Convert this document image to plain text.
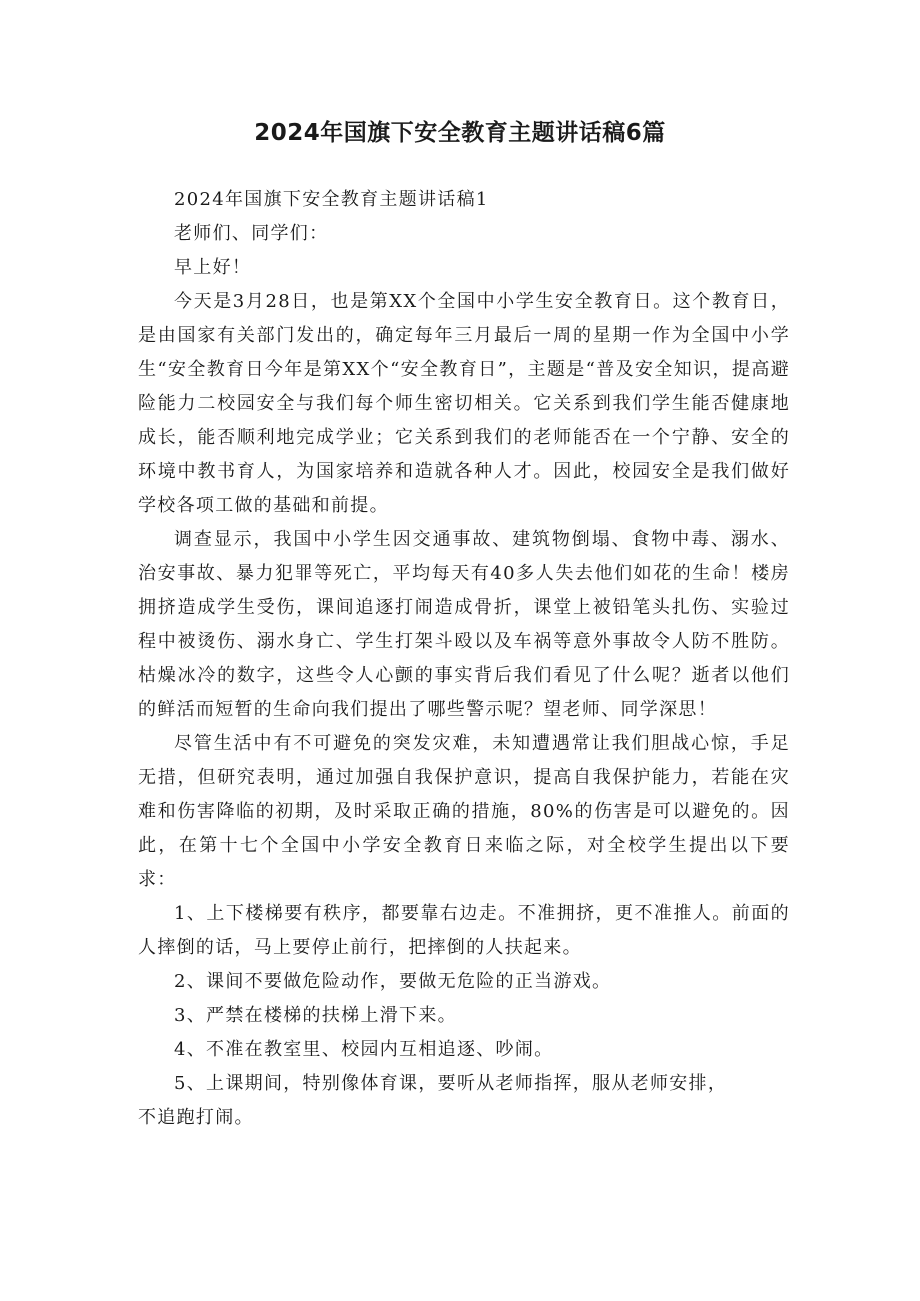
2024年国旗下安全教育主题讲话稿6篇

2024年国旗下安全教育主题讲话稿1

老师们、同学们：

早上好！

今天是3月28日，也是第XX个全国中小学生安全教育日。这个教育日，是由国家有关部门发出的，确定每年三月最后一周的星期一作为全国中小学生“安全教育日今年是第XX个“安全教育日”，主题是“普及安全知识，提高避险能力二校园安全与我们每个师生密切相关。它关系到我们学生能否健康地成长，能否顺利地完成学业；它关系到我们的老师能否在一个宁静、安全的环境中教书育人，为国家培养和造就各种人才。因此，校园安全是我们做好学校各项工做的基础和前提。

调查显示，我国中小学生因交通事故、建筑物倒塌、食物中毒、溺水、治安事故、暴力犯罪等死亡，平均每天有40多人失去他们如花的生命！楼房拥挤造成学生受伤，课间追逐打闹造成骨折，课堂上被铅笔头扎伤、实验过程中被烫伤、溺水身亡、学生打架斗殴以及车祸等意外事故令人防不胜防。枯燥冰冷的数字，这些令人心颤的事实背后我们看见了什么呢？逝者以他们的鲜活而短暂的生命向我们提出了哪些警示呢？望老师、同学深思！

尽管生活中有不可避免的突发灾难，未知遭遇常让我们胆战心惊，手足无措，但研究表明，通过加强自我保护意识，提高自我保护能力，若能在灾难和伤害降临的初期，及时采取正确的措施，80%的伤害是可以避免的。因此，在第十七个全国中小学安全教育日来临之际，对全校学生提出以下要求：

1、上下楼梯要有秩序，都要靠右边走。不准拥挤，更不准推人。前面的人摔倒的话，马上要停止前行，把摔倒的人扶起来。

2、课间不要做危险动作，要做无危险的正当游戏。

3、严禁在楼梯的扶梯上滑下来。

4、不准在教室里、校园内互相追逐、吵闹。

5、上课期间，特别像体育课，要听从老师指挥，服从老师安排，

不追跑打闹。
